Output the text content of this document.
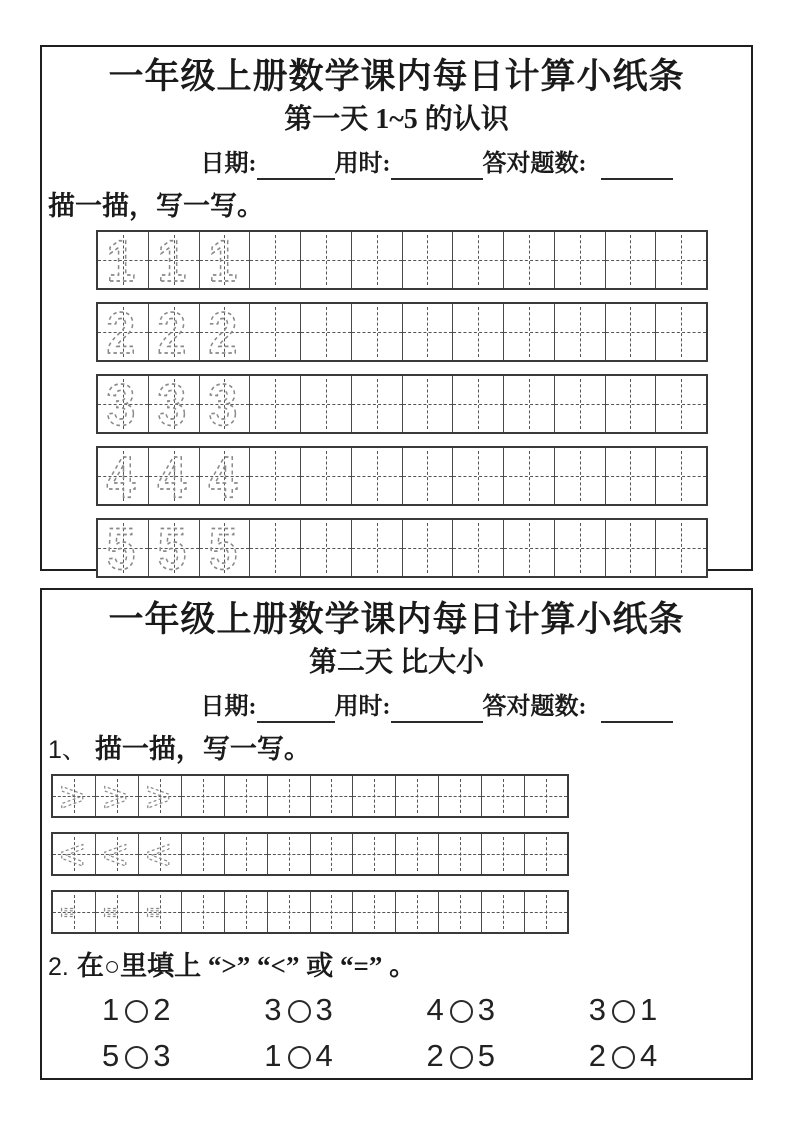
一年级上册数学课内每日计算小纸条
第一天 1~5 的认识
日期:	用时:	答对题数:
描一描，写一写。
1 1 1
2 2 2
3 3 3
4 4 4
5 5 5
一年级上册数学课内每日计算小纸条
第二天 比大小
日期:	用时:	答对题数:
1、 描一描，写一写。
> > >
< < <
= = =
2. 在○里填上 “>” “<” 或 “=” 。
1 2	3 3	4 3	3 1
5 3	1 4	2 5	2 4
